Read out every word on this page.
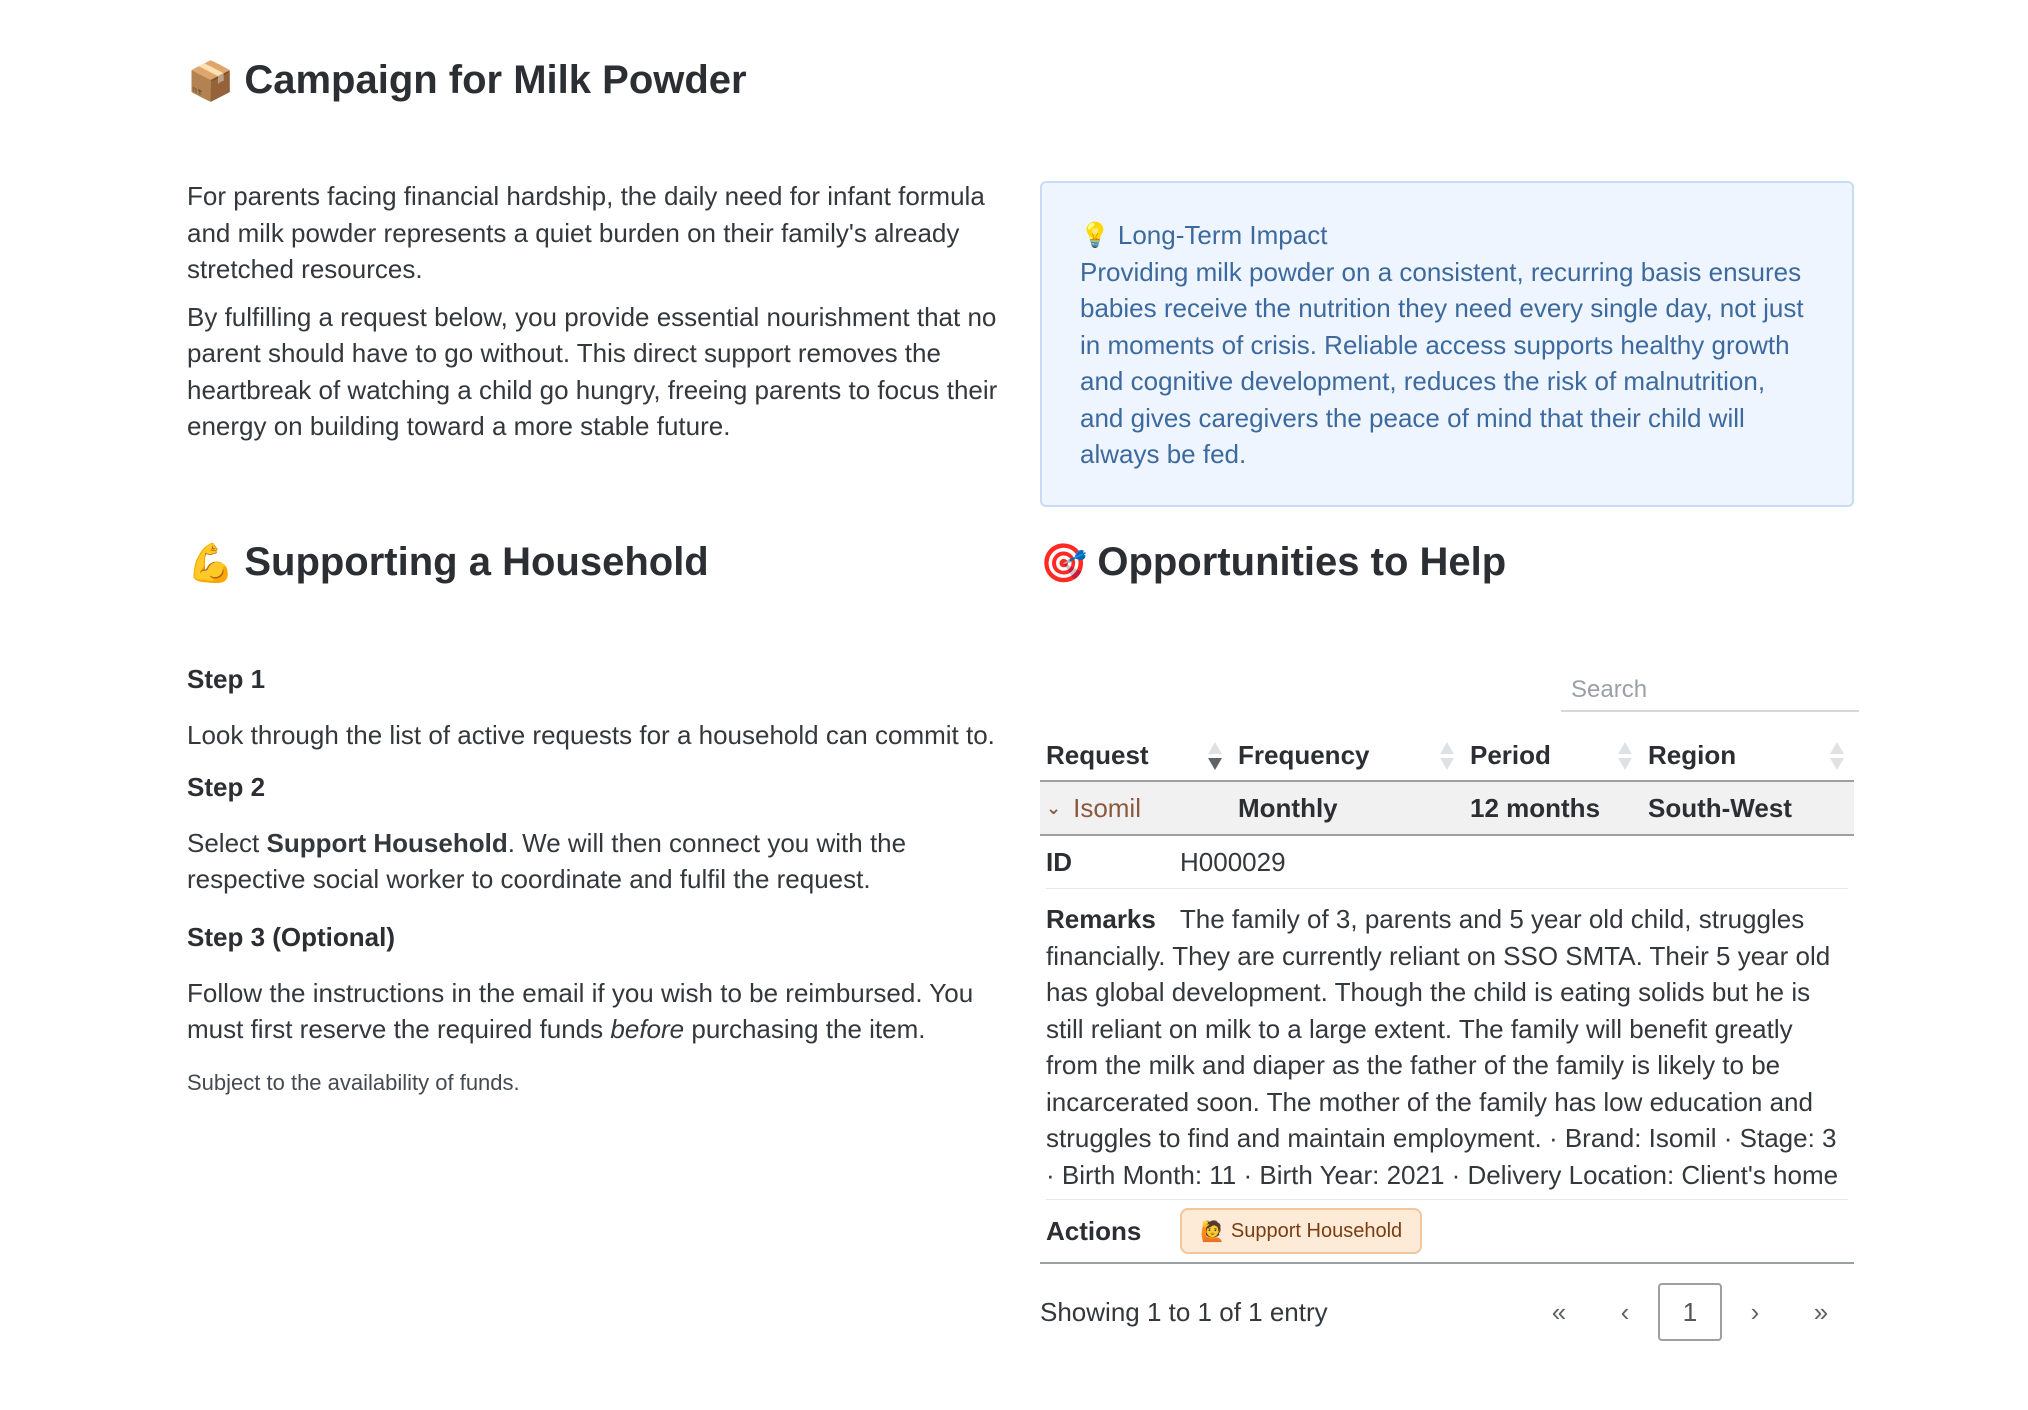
📦 Campaign for Milk Powder

For parents facing financial hardship, the daily need for infant formula and milk powder represents a quiet burden on their family's already stretched resources.

By fulfilling a request below, you provide essential nourishment that no parent should have to go without. This direct support removes the heartbreak of watching a child go hungry, freeing parents to focus their energy on building toward a more stable future.

💡 Long-Term Impact

Providing milk powder on a consistent, recurring basis ensures babies receive the nutrition they need every single day, not just in moments of crisis. Reliable access supports healthy growth and cognitive development, reduces the risk of malnutrition, and gives caregivers the peace of mind that their child will always be fed.

💪 Supporting a Household	🎯 Opportunities to Help
Step 1

Look through the list of active requests for a household can commit to.

Step 2

Select Support Household. We will then connect you with the respective social worker to coordinate and fulfil the request.

Step 3 (Optional)

Follow the instructions in the email if you wish to be reimbursed. You must first reserve the required funds before purchasing the item.

Subject to the availability of funds.

Search
Request	Frequency	Period	Region
⌄ Isomil	Monthly	12 months	South-West
ID	H000029
Remarks The family of 3, parents and 5 year old child, struggles financially. They are currently reliant on SSO SMTA. Their 5 year old has global development. Though the child is eating solids but he is still reliant on milk to a large extent. The family will benefit greatly from the milk and diaper as the father of the family is likely to be incarcerated soon. The mother of the family has low education and struggles to find and maintain employment. · Brand: Isomil · Stage: 3 · Birth Month: 11 · Birth Year: 2021 · Delivery Location: Client's home
Actions	🙋 Support Household
Showing 1 to 1 of 1 entry	«	‹	1	›	»
